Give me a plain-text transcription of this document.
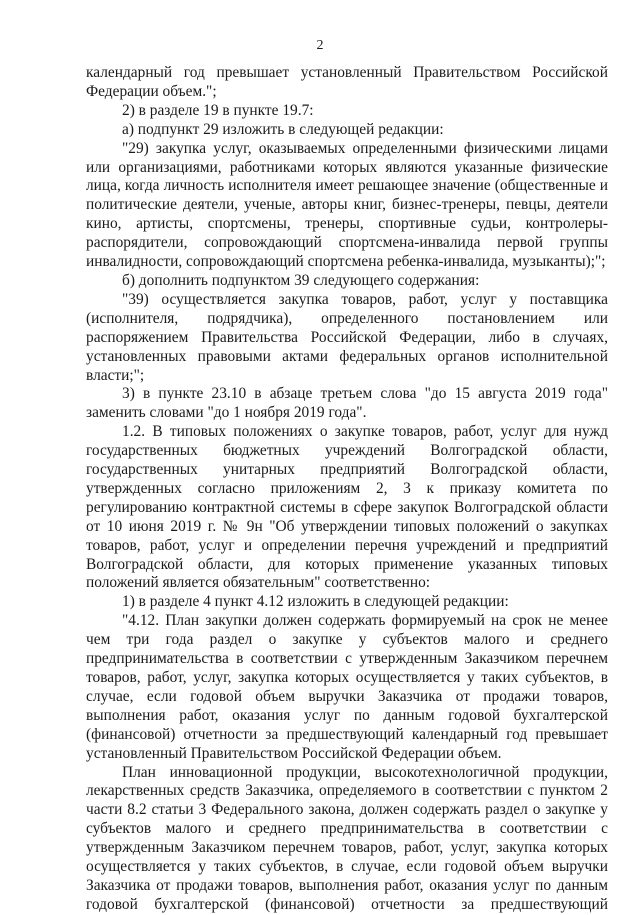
2

календарный год превышает установленный Правительством Российской

Федерации объем.";

2) в разделе 19 в пункте 19.7:

а) подпункт 29 изложить в следующей редакции:

"29) закупка услуг, оказываемых определенными физическими лицами

или организациями, работниками которых являются указанные физические

лица, когда личность исполнителя имеет решающее значение (общественные и

политические деятели, ученые, авторы книг, бизнес-тренеры, певцы, деятели

кино, артисты, спортсмены, тренеры, спортивные судьи, контролеры-

распорядители, сопровождающий спортсмена-инвалида первой группы

инвалидности, сопровождающий спортсмена ребенка-инвалида, музыканты);";

б) дополнить подпунктом 39 следующего содержания:

"39) осуществляется закупка товаров, работ, услуг у поставщика

(исполнителя, подрядчика), определенного постановлением или

распоряжением Правительства Российской Федерации, либо в случаях,

установленных правовыми актами федеральных органов исполнительной

власти;";

3) в пункте 23.10 в абзаце третьем слова "до 15 августа 2019 года"

заменить словами "до 1 ноября 2019 года".

1.2. В типовых положениях о закупке товаров, работ, услуг для нужд

государственных бюджетных учреждений Волгоградской области,

государственных унитарных предприятий Волгоградской области,

утвержденных согласно приложениям 2, 3 к приказу комитета по

регулированию контрактной системы в сфере закупок Волгоградской области

от 10 июня 2019 г. № 9н "Об утверждении типовых положений о закупках

товаров, работ, услуг и определении перечня учреждений и предприятий

Волгоградской области, для которых применение указанных типовых

положений является обязательным" соответственно:

1) в разделе 4 пункт 4.12 изложить в следующей редакции:

"4.12. План закупки должен содержать формируемый на срок не менее

чем три года раздел о закупке у субъектов малого и среднего

предпринимательства в соответствии с утвержденным Заказчиком перечнем

товаров, работ, услуг, закупка которых осуществляется у таких субъектов, в

случае, если годовой объем выручки Заказчика от продажи товаров,

выполнения работ, оказания услуг по данным годовой бухгалтерской

(финансовой) отчетности за предшествующий календарный год превышает

установленный Правительством Российской Федерации объем.

План инновационной продукции, высокотехнологичной продукции,

лекарственных средств Заказчика, определяемого в соответствии с пунктом 2

части 8.2 статьи 3 Федерального закона, должен содержать раздел о закупке у

субъектов малого и среднего предпринимательства в соответствии с

утвержденным Заказчиком перечнем товаров, работ, услуг, закупка которых

осуществляется у таких субъектов, в случае, если годовой объем выручки

Заказчика от продажи товаров, выполнения работ, оказания услуг по данным

годовой бухгалтерской (финансовой) отчетности за предшествующий
